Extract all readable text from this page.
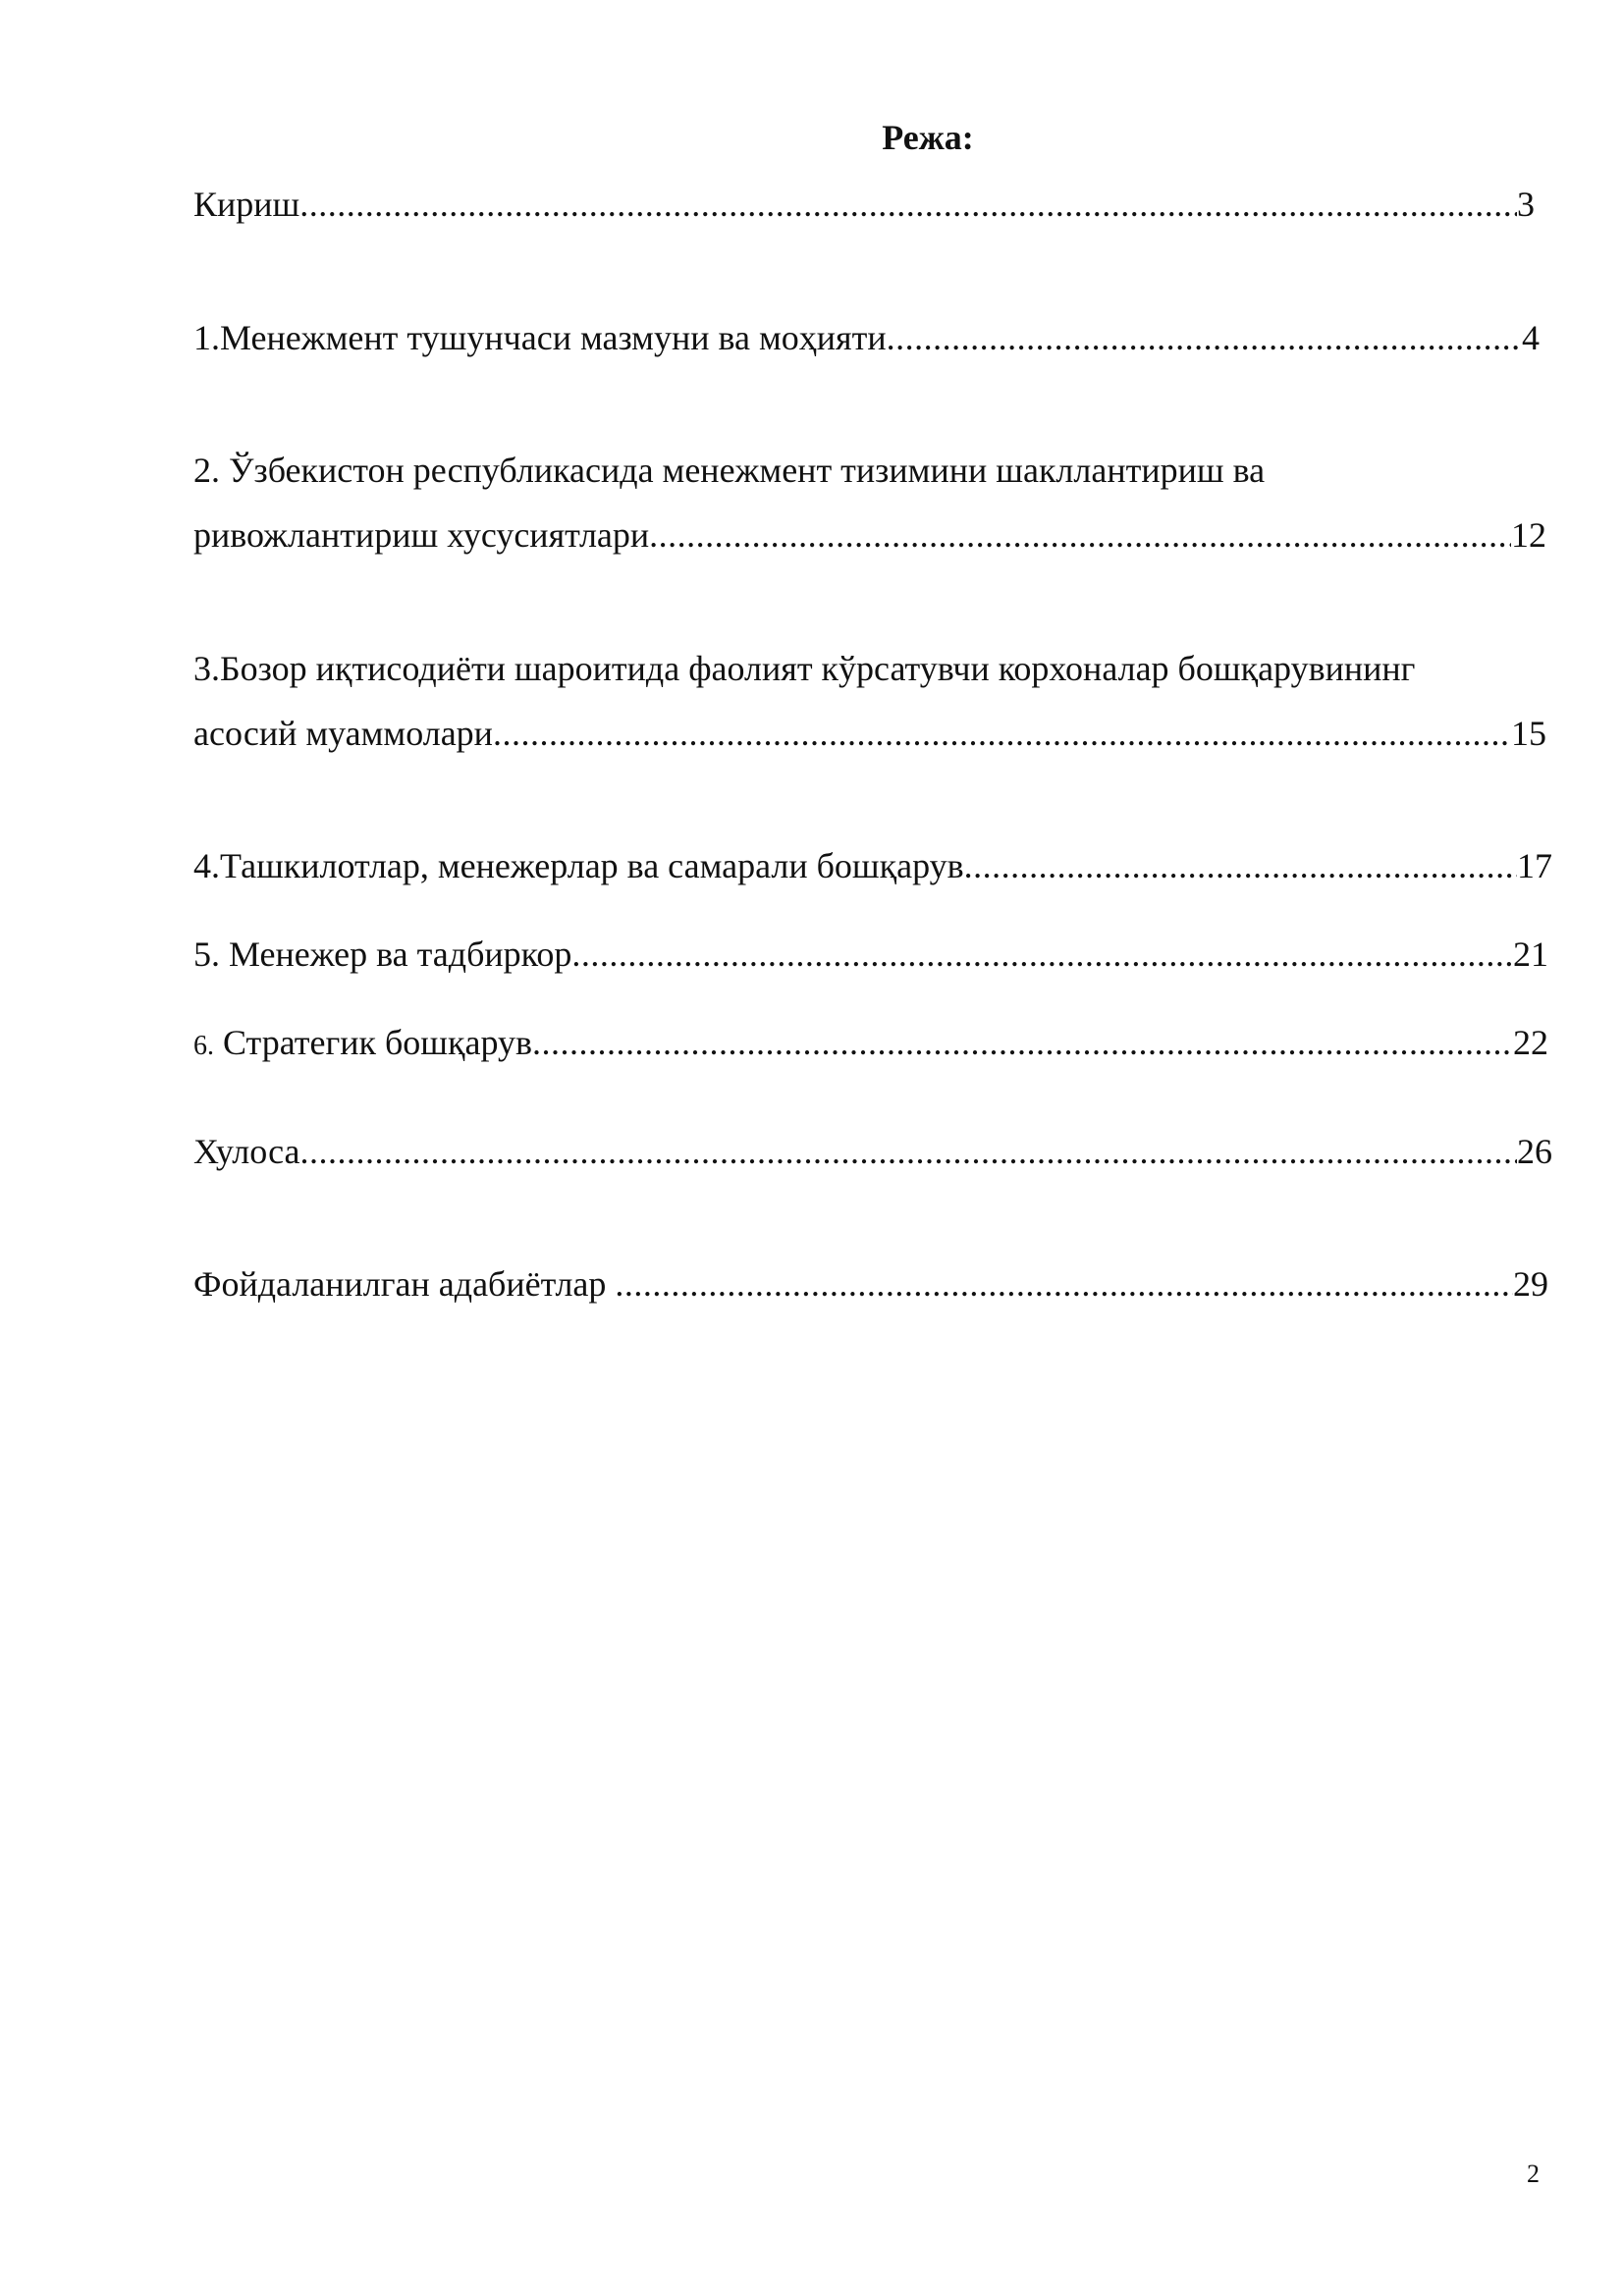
Режа:
Кириш .....	3
1.Менежмент тушунчаси мазмуни ва моҳияти .....	4
2. Ўзбекистон республикасида менежмент тизимини шакллантириш ва
ривожлантириш хусусиятлари .....	12
3.Бозор иқтисодиёти шароитида фаолият кўрсатувчи корхоналар бошқарувининг
асосий муаммолари .....	15
4.Ташкилотлар, менежерлар ва самарали бошқарув .....	17
5. Менежер ва тадбиркор .....	21
6. Стратегик бошқарув .....	22
Хулоса .....	26
Фойдаланилган адабиётлар .....	29
2
